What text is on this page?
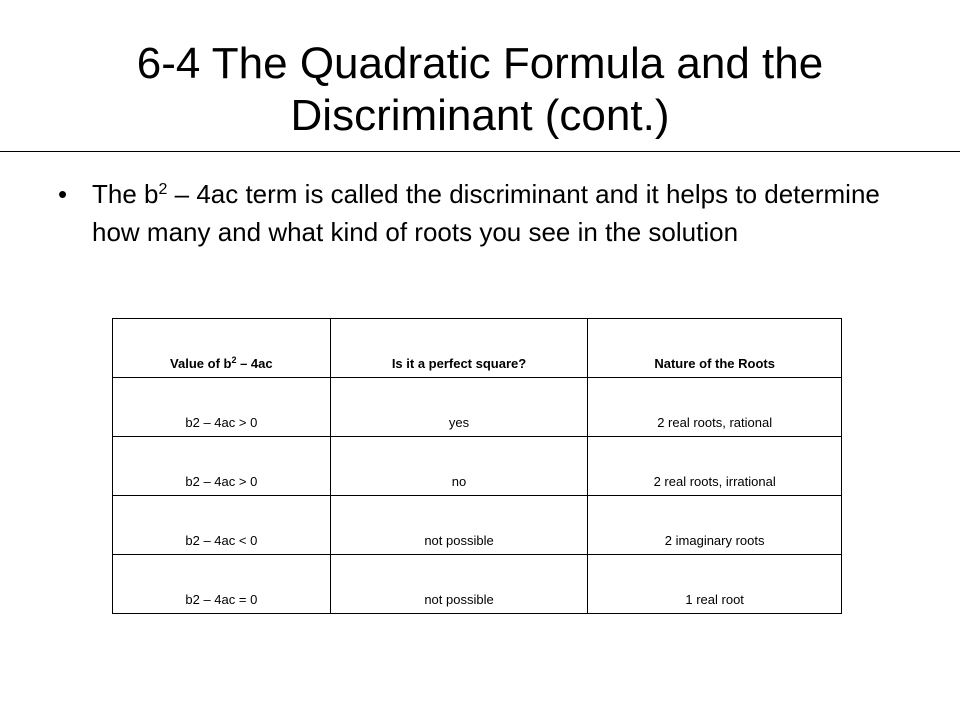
6-4 The Quadratic Formula and the
Discriminant (cont.)
• The $b^2 - 4ac$ term is called the discriminant and it helps to determine how many and what kind of roots you see in the solution
Value of $b^2 - 4ac$	Is it a perfect square?	Nature of the Roots
b2 – 4ac > 0	yes	2 real roots, rational
b2 – 4ac > 0	no	2 real roots, irrational
b2 – 4ac < 0	not possible	2 imaginary roots
b2 – 4ac = 0	not possible	1 real root
